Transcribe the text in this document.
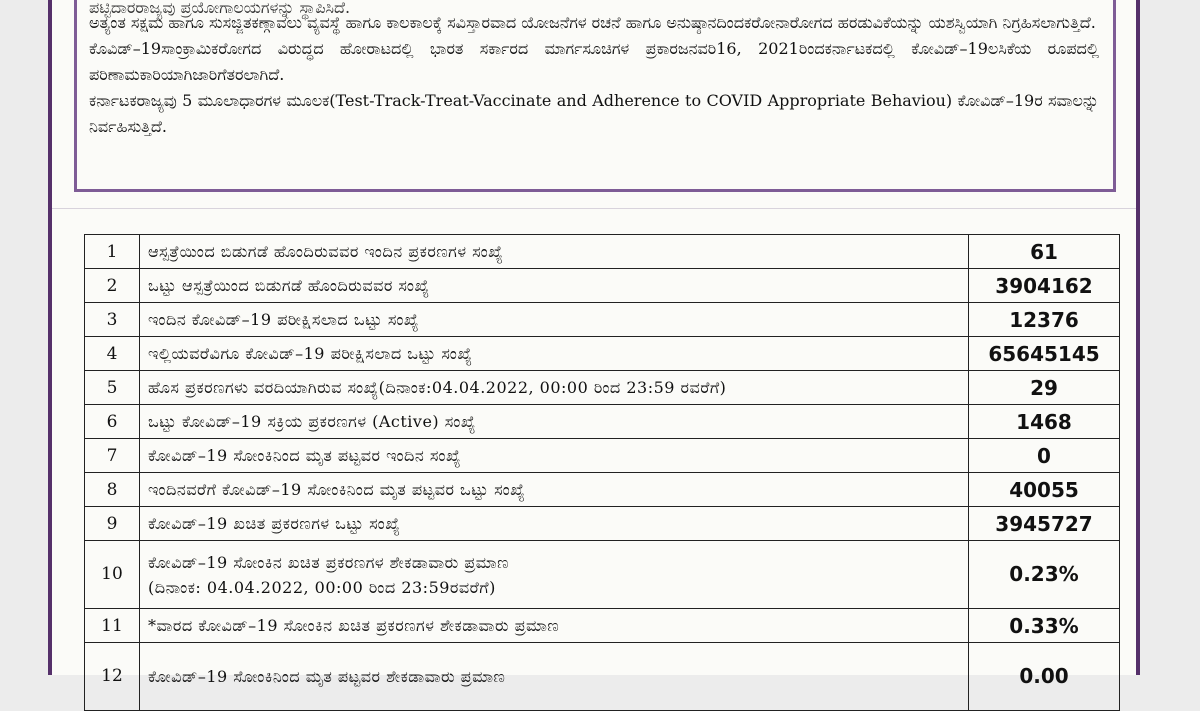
ಪಟ್ಟಿದಾರರಾಜ್ಯವು ಪ್ರಯೋಗಾಲಯಗಳನ್ನು ಸ್ಥಾಪಿಸಿದೆ.

ಅತ್ಯಂತ ಸಕ್ಷಮ ಹಾಗೂ ಸುಸಜ್ಜಿತಕಣ್ಗಾವಲು ವ್ಯವಸ್ಥೆ ಹಾಗೂ ಕಾಲಕಾಲಕ್ಕೆ ಸವಿಸ್ತಾರವಾದ ಯೋಜನೆಗಳ ರಚನೆ ಹಾಗೂ ಅನುಷ್ಠಾನದಿಂದಕರೋನಾರೋಗದ ಹರಡುವಿಕೆಯನ್ನು ಯಶಸ್ವಿಯಾಗಿ ನಿಗ್ರಹಿಸಲಾಗುತ್ತಿದೆ.

ಕೊವಿಡ್–19ಸಾಂಕ್ರಾಮಿಕರೋಗದ ವಿರುದ್ಧದ ಹೋರಾಟದಲ್ಲಿ ಭಾರತ ಸರ್ಕಾರದ ಮಾರ್ಗಸೂಚಿಗಳ ಪ್ರಕಾರಜನವರಿ16, 2021ರಿಂದಕರ್ನಾಟಕದಲ್ಲಿ ಕೋವಿಡ್–19ಲಸಿಕೆಯ ರೂಪದಲ್ಲಿ ಪರಿಣಾಮಕಾರಿಯಾಗಿಜಾರಿಗೆತರಲಾಗಿದೆ.

ಕರ್ನಾಟಕರಾಜ್ಯವು 5 ಮೂಲಾಧಾರಗಳ ಮೂಲಕ(Test-Track-Treat-Vaccinate and Adherence to COVID Appropriate Behaviou) ಕೋವಿಡ್–19ರ ಸವಾಲನ್ನು ನಿರ್ವಹಿಸುತ್ತಿದೆ.

1	ಆಸ್ಪತ್ರೆಯಿಂದ ಬಿಡುಗಡೆ ಹೊಂದಿರುವವರ ಇಂದಿನ ಪ್ರಕರಣಗಳ ಸಂಖ್ಯೆ	61
2	ಒಟ್ಟು ಆಸ್ಪತ್ರೆಯಿಂದ ಬಿಡುಗಡೆ ಹೊಂದಿರುವವರ ಸಂಖ್ಯೆ	3904162
3	ಇಂದಿನ ಕೋವಿಡ್–19 ಪರೀಕ್ಷಿಸಲಾದ ಒಟ್ಟು ಸಂಖ್ಯೆ	12376
4	ಇಲ್ಲಿಯವರೆವಿಗೂ ಕೋವಿಡ್–19 ಪರೀಕ್ಷಿಸಲಾದ ಒಟ್ಟು ಸಂಖ್ಯೆ	65645145
5	ಹೊಸ ಪ್ರಕರಣಗಳು ವರದಿಯಾಗಿರುವ ಸಂಖ್ಯೆ(ದಿನಾಂಕ:04.04.2022, 00:00 ರಿಂದ 23:59 ರವರೆಗೆ)	29
6	ಒಟ್ಟು ಕೋವಿಡ್–19 ಸಕ್ರಿಯ ಪ್ರಕರಣಗಳ (Active) ಸಂಖ್ಯೆ	1468
7	ಕೋವಿಡ್–19 ಸೋಂಕಿನಿಂದ ಮೃತ ಪಟ್ಟವರ ಇಂದಿನ ಸಂಖ್ಯೆ	0
8	ಇಂದಿನವರೆಗೆ ಕೋವಿಡ್–19 ಸೋಂಕಿನಿಂದ ಮೃತ ಪಟ್ಟವರ ಒಟ್ಟು ಸಂಖ್ಯೆ	40055
9	ಕೋವಿಡ್–19 ಖಚಿತ ಪ್ರಕರಣಗಳ ಒಟ್ಟು ಸಂಖ್ಯೆ	3945727
10	ಕೋವಿಡ್–19 ಸೋಂಕಿನ ಖಚಿತ ಪ್ರಕರಣಗಳ ಶೇಕಡಾವಾರು ಪ್ರಮಾಣ
(ದಿನಾಂಕ: 04.04.2022, 00:00 ರಿಂದ 23:59ರವರೆಗೆ)	0.23%
11	*ವಾರದ ಕೋವಿಡ್–19 ಸೋಂಕಿನ ಖಚಿತ ಪ್ರಕರಣಗಳ ಶೇಕಡಾವಾರು ಪ್ರಮಾಣ	0.33%
12	ಕೋವಿಡ್–19 ಸೋಂಕಿನಿಂದ ಮೃತ ಪಟ್ಟವರ ಶೇಕಡಾವಾರು ಪ್ರಮಾಣ	0.00
